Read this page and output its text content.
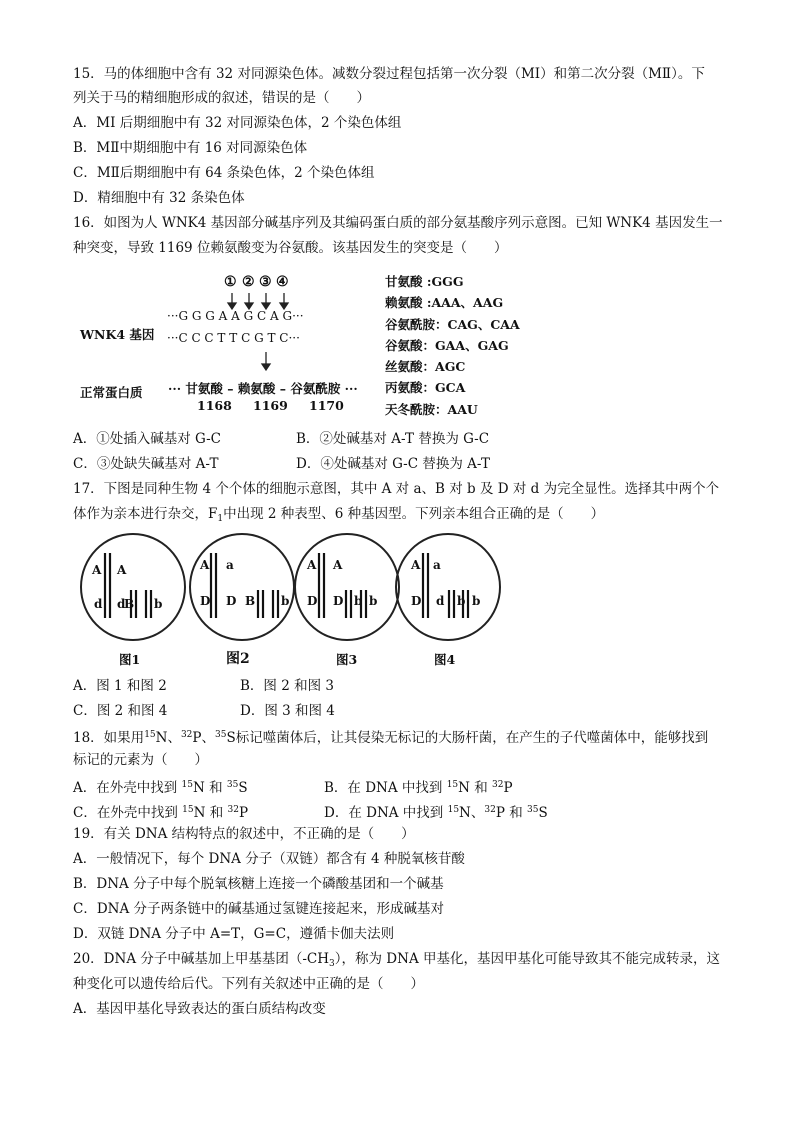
15．马的体细胞中含有 32 对同源染色体。减数分裂过程包括第一次分裂（MI）和第二次分裂（MⅡ）。下
列关于马的精细胞形成的叙述，错误的是（　　）
A．MI 后期细胞中有 32 对同源染色体，2 个染色体组
B．MⅡ中期细胞中有 16 对同源染色体
C．MⅡ后期细胞中有 64 条染色体，2 个染色体组
D．精细胞中有 32 条染色体
16．如图为人 WNK4 基因部分碱基序列及其编码蛋白质的部分氨基酸序列示意图。已知 WNK4 基因发生一
种突变，导致 1169 位赖氨酸变为谷氨酸。该基因发生的突变是（　　）
① ② ③ ④
WNK4 基因
···G G G A A G C A G···
···C C C T T C G T C···
正常蛋白质 ··· 甘氨酸 – 赖氨酸 – 谷氨酰胺 ···
1168 1169 1170
甘氨酸 :GGG
赖氨酸 :AAA、AAG
谷氨酰胺：CAG、CAA
谷氨酸：GAA、GAG
丝氨酸：AGC
丙氨酸：GCA
天冬酰胺：AAU
A．①处插入碱基对 G-C	B．②处碱基对 A-T 替换为 G-C
C．③处缺失碱基对 A-T	D．④处碱基对 G-C 替换为 A-T
17．下图是同种生物 4 个个体的细胞示意图，其中 A 对 a、B 对 b 及 D 对 d 为完全显性。选择其中两个个
体作为亲本进行杂交，$F_1$中出现 2 种表型、6 种基因型。下列亲本组合正确的是（　　）
A A
d d
B b
图1
A a
D D B b
图2
A A
D D b b
图3
A a
D d b b
图4
A．图 1 和图 2	B．图 2 和图 3
C．图 2 和图 4	D．图 3 和图 4
18．如果用$^{15}$N、$^{32}$P、$^{35}$S标记噬菌体后，让其侵染无标记的大肠杆菌，在产生的子代噬菌体中，能够找到
标记的元素为（　　）
A．在外壳中找到 $^{15}$N 和 $^{35}$S	B．在 DNA 中找到 $^{15}$N 和 $^{32}$P
C．在外壳中找到 $^{15}$N 和 $^{32}$P	D．在 DNA 中找到 $^{15}$N、$^{32}$P 和 $^{35}$S
19．有关 DNA 结构特点的叙述中，不正确的是（　　）
A．一般情况下，每个 DNA 分子（双链）都含有 4 种脱氧核苷酸
B．DNA 分子中每个脱氧核糖上连接一个磷酸基团和一个碱基
C．DNA 分子两条链中的碱基通过氢键连接起来，形成碱基对
D．双链 DNA 分子中 A=T，G=C，遵循卡伽夫法则
20．DNA 分子中碱基加上甲基基团$(-CH_3)$，称为 DNA 甲基化，基因甲基化可能导致其不能完成转录，这
种变化可以遗传给后代。下列有关叙述中正确的是（　　）
A．基因甲基化导致表达的蛋白质结构改变
